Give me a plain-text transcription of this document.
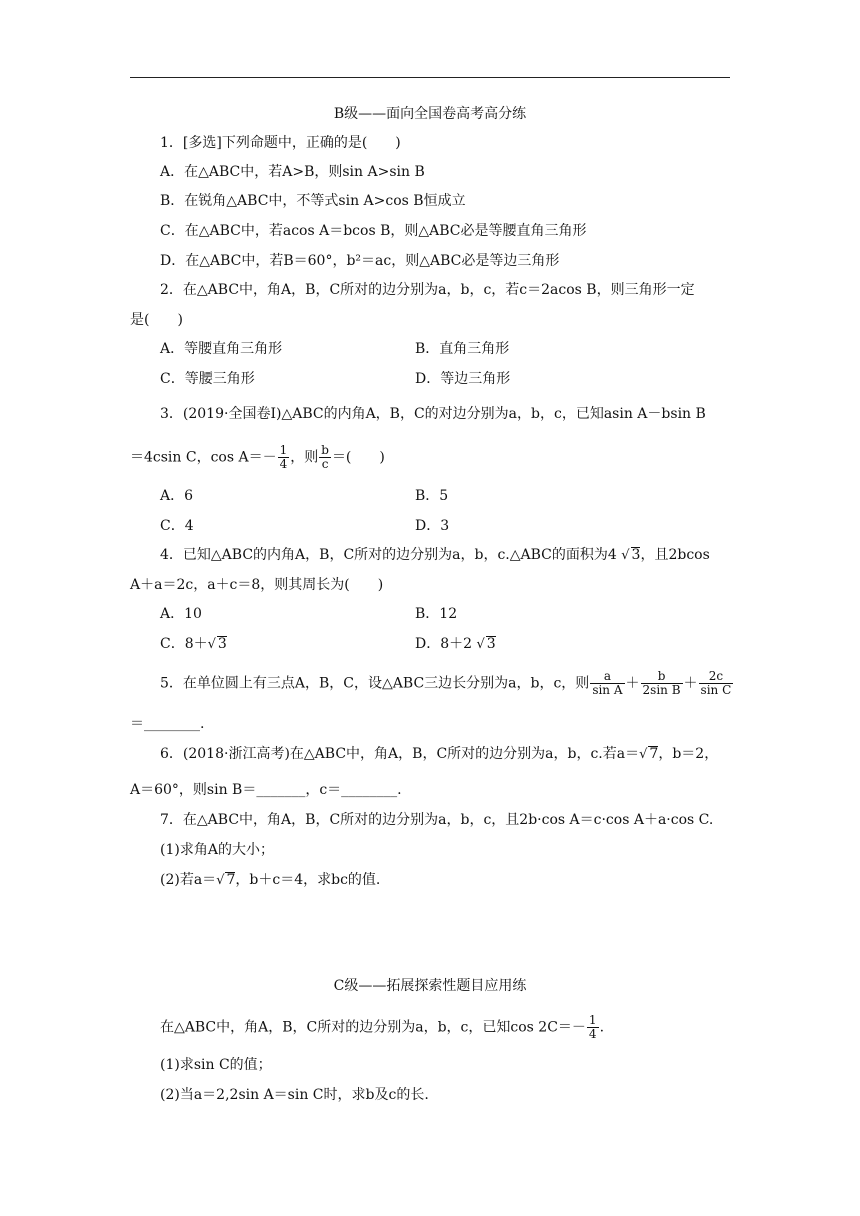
B级——面向全国卷高考高分练
1．[多选]下列命题中，正确的是(　　)
A．在△ABC中，若A>B，则sin A>sin B
B．在锐角△ABC中，不等式sin A>cos B恒成立
C．在△ABC中，若acos A＝bcos B，则△ABC必是等腰直角三角形
D．在△ABC中，若B＝60°，b²＝ac，则△ABC必是等边三角形
2．在△ABC中，角A，B，C所对的边分别为a，b，c，若c＝2acos B，则三角形一定
是(　　)
A．等腰直角三角形	B．直角三角形
C．等腰三角形	D．等边三角形
3．(2019·全国卷Ⅰ)△ABC的内角A，B，C的对边分别为a，b，c，已知asin A－bsin B
＝4csin C，$\cos A=- \frac{1}{4}$ ，则 $\frac{b}{c}$ ＝(　　)
A．6	B．5
C．4	D．3
4．已知△ABC的内角A，B，C所对的边分别为a，b，c.△ABC的面积为4 √ 3，且2bcos
A＋a＝2c，a＋c＝8，则其周长为(　　)
A．10	B．12
C．8＋√ 3	D．8＋2 √ 3
5．在单位圆上有三点A，B，C，设△ABC三边长分别为a，b，c，则 $\frac{a}{\text{sin A}} + \frac{b}{\text{2sin B}} + \frac{2c}{\text{sin C}}$
＝________.
6．(2018·浙江高考)在△ABC中，角A，B，C所对的边分别为a，b，c.若a＝√ 7，b＝2，
A＝60°，则sin B＝_______，c＝________.
7．在△ABC中，角A，B，C所对的边分别为a，b，c，且2b·cos A＝c·cos A＋a·cos C.
(1)求角A的大小；
(2)若a＝√ 7，b＋c＝4，求bc的值.
C级——拓展探索性题目应用练
在△ABC中，角A，B，C所对的边分别为a，b，c，已知$\cos 2C=- \frac{1}{4}$ .
(1)求sin C的值；
(2)当a＝2,2sin A＝sin C时，求b及c的长.
